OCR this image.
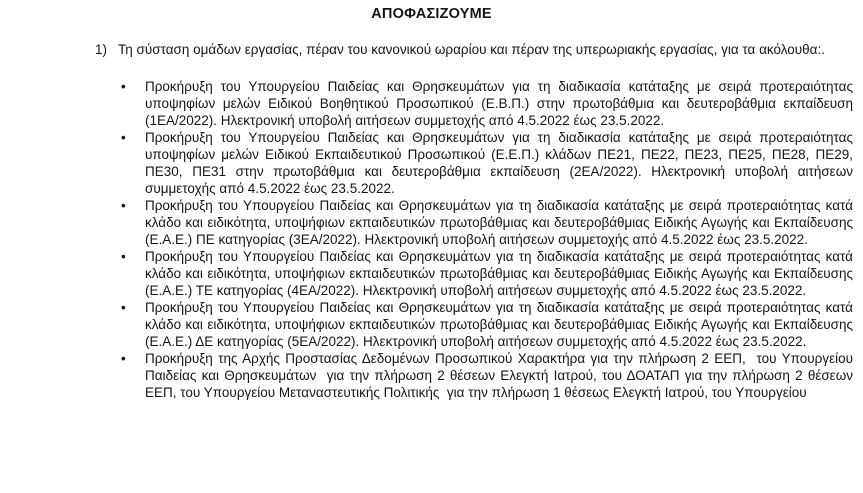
ΑΠΟΦΑΣΙΖΟΥΜΕ
1) Τη σύσταση ομάδων εργασίας, πέραν του κανονικού ωραρίου και πέραν της υπερωριακής εργασίας, για τα ακόλουθα:.
•	Προκήρυξη του Υπουργείου Παιδείας και Θρησκευμάτων για τη διαδικασία κατάταξης με σειρά προτεραιότητας υποψηφίων μελών Ειδικού Βοηθητικού Προσωπικού (Ε.Β.Π.) στην πρωτοβάθμια και δευτεροβάθμια εκπαίδευση (1ΕΑ/2022). Ηλεκτρονική υποβολή αιτήσεων συμμετοχής από 4.5.2022 έως 23.5.2022.
•	Προκήρυξη του Υπουργείου Παιδείας και Θρησκευμάτων για τη διαδικασία κατάταξης με σειρά προτεραιότητας υποψηφίων μελών Ειδικού Εκπαιδευτικού Προσωπικού (Ε.Ε.Π.) κλάδων ΠΕ21, ΠΕ22, ΠΕ23, ΠΕ25, ΠΕ28, ΠΕ29, ΠΕ30, ΠΕ31 στην πρωτοβάθμια και δευτεροβάθμια εκπαίδευση (2ΕΑ/2022). Ηλεκτρονική υποβολή αιτήσεων συμμετοχής από 4.5.2022 έως 23.5.2022.
•	Προκήρυξη του Υπουργείου Παιδείας και Θρησκευμάτων για τη διαδικασία κατάταξης με σειρά προτεραιότητας κατά κλάδο και ειδικότητα, υποψήφιων εκπαιδευτικών πρωτοβάθμιας και δευτεροβάθμιας Ειδικής Αγωγής και Εκπαίδευσης (Ε.Α.Ε.) ΠΕ κατηγορίας (3ΕΑ/2022). Ηλεκτρονική υποβολή αιτήσεων συμμετοχής από 4.5.2022 έως 23.5.2022.
•	Προκήρυξη του Υπουργείου Παιδείας και Θρησκευμάτων για τη διαδικασία κατάταξης με σειρά προτεραιότητας κατά κλάδο και ειδικότητα, υποψήφιων εκπαιδευτικών πρωτοβάθμιας και δευτεροβάθμιας Ειδικής Αγωγής και Εκπαίδευσης (Ε.Α.Ε.) ΤΕ κατηγορίας (4ΕΑ/2022). Ηλεκτρονική υποβολή αιτήσεων συμμετοχής από 4.5.2022 έως 23.5.2022.
•	Προκήρυξη του Υπουργείου Παιδείας και Θρησκευμάτων για τη διαδικασία κατάταξης με σειρά προτεραιότητας κατά κλάδο και ειδικότητα, υποψήφιων εκπαιδευτικών πρωτοβάθμιας και δευτεροβάθμιας Ειδικής Αγωγής και Εκπαίδευσης (Ε.Α.Ε.) ΔΕ κατηγορίας (5ΕΑ/2022). Ηλεκτρονική υποβολή αιτήσεων συμμετοχής από 4.5.2022 έως 23.5.2022.
•	Προκήρυξη της Αρχής Προστασίας Δεδομένων Προσωπικού Χαρακτήρα για την πλήρωση 2 ΕΕΠ,  του Υπουργείου Παιδείας και Θρησκευμάτων  για την πλήρωση 2 θέσεων Ελεγκτή Ιατρού, του ΔΟΑΤΑΠ για την πλήρωση 2 θέσεων ΕΕΠ, του Υπουργείου Μεταναστευτικής Πολιτικής  για την πλήρωση 1 θέσεως Ελεγκτή Ιατρού, του Υπουργείου
